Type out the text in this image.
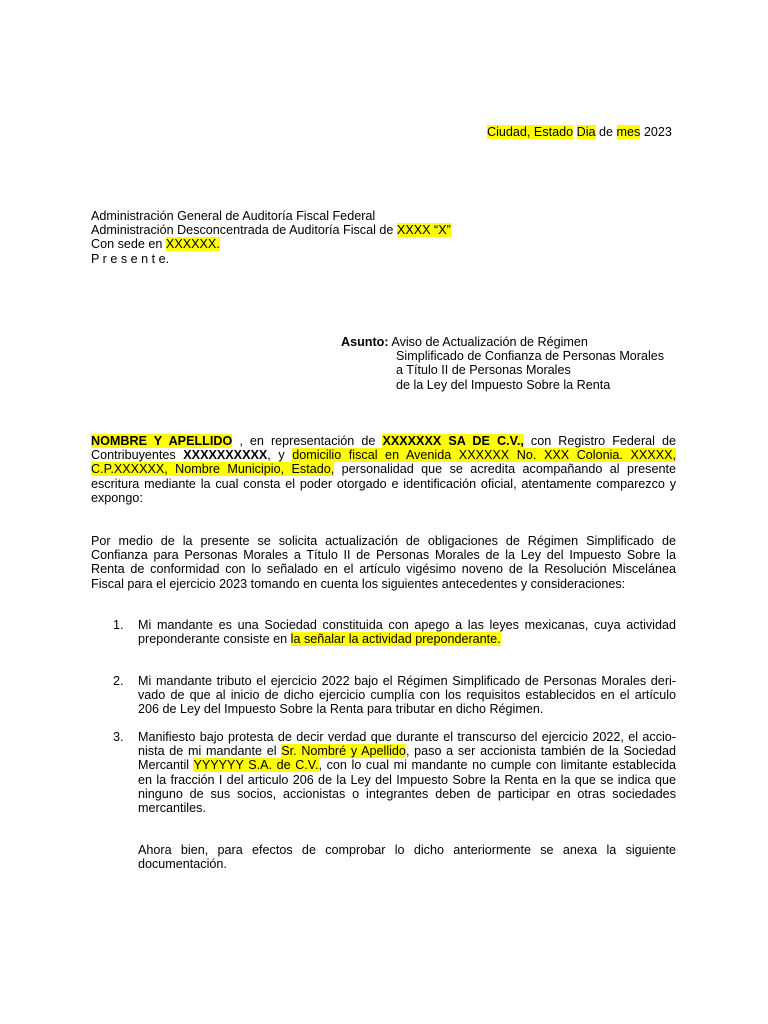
Ciudad, Estado Dia de mes 2023
Administración General de Auditoría Fiscal Federal
Administración Desconcentrada de Auditoría Fiscal de XXXX “X”
Con sede en XXXXXX.
P r e s e n t e.
Asunto: Aviso de Actualización de Régimen
Simplificado de Confianza de Personas Morales
a Título II de Personas Morales
de la Ley del Impuesto Sobre la Renta
NOMBRE Y APELLIDO , en representación de XXXXXXX SA DE C.V., con Registro Federal de
Contribuyentes XXXXXXXXXX, y domicilio fiscal en Avenida XXXXXX No. XXX Colonia. XXXXX,
C.P.XXXXXX, Nombre Municipio, Estado, personalidad que se acredita acompañando al presente
escritura mediante la cual consta el poder otorgado e identificación oficial, atentamente comparezco y
expongo:
Por medio de la presente se solicita actualización de obligaciones de Régimen Simplificado de
Confianza para Personas Morales a Título II de Personas Morales de la Ley del Impuesto Sobre la
Renta de conformidad con lo señalado en el artículo vigésimo noveno de la Resolución Miscelánea
Fiscal para el ejercicio 2023 tomando en cuenta los siguientes antecedentes y consideraciones:
1. Mi mandante es una Sociedad constituida con apego a las leyes mexicanas, cuya actividad
preponderante consiste en la señalar la actividad preponderante.
2. Mi mandante tributo el ejercicio 2022 bajo el Régimen Simplificado de Personas Morales deri-
vado de que al inicio de dicho ejercicio cumplía con los requisitos establecidos en el artículo
206 de Ley del Impuesto Sobre la Renta para tributar en dicho Régimen.
3. Manifiesto bajo protesta de decir verdad que durante el transcurso del ejercicio 2022, el accio-
nista de mi mandante el Sr. Nombré y Apellido, paso a ser accionista también de la Sociedad
Mercantil YYYYYY S.A. de C.V., con lo cual mi mandante no cumple con limitante establecida
en la fracción I del articulo 206 de la Ley del Impuesto Sobre la Renta en la que se indica que
ninguno de sus socios, accionistas o integrantes deben de participar en otras sociedades
mercantiles.
Ahora bien, para efectos de comprobar lo dicho anteriormente se anexa la siguiente
documentación.
